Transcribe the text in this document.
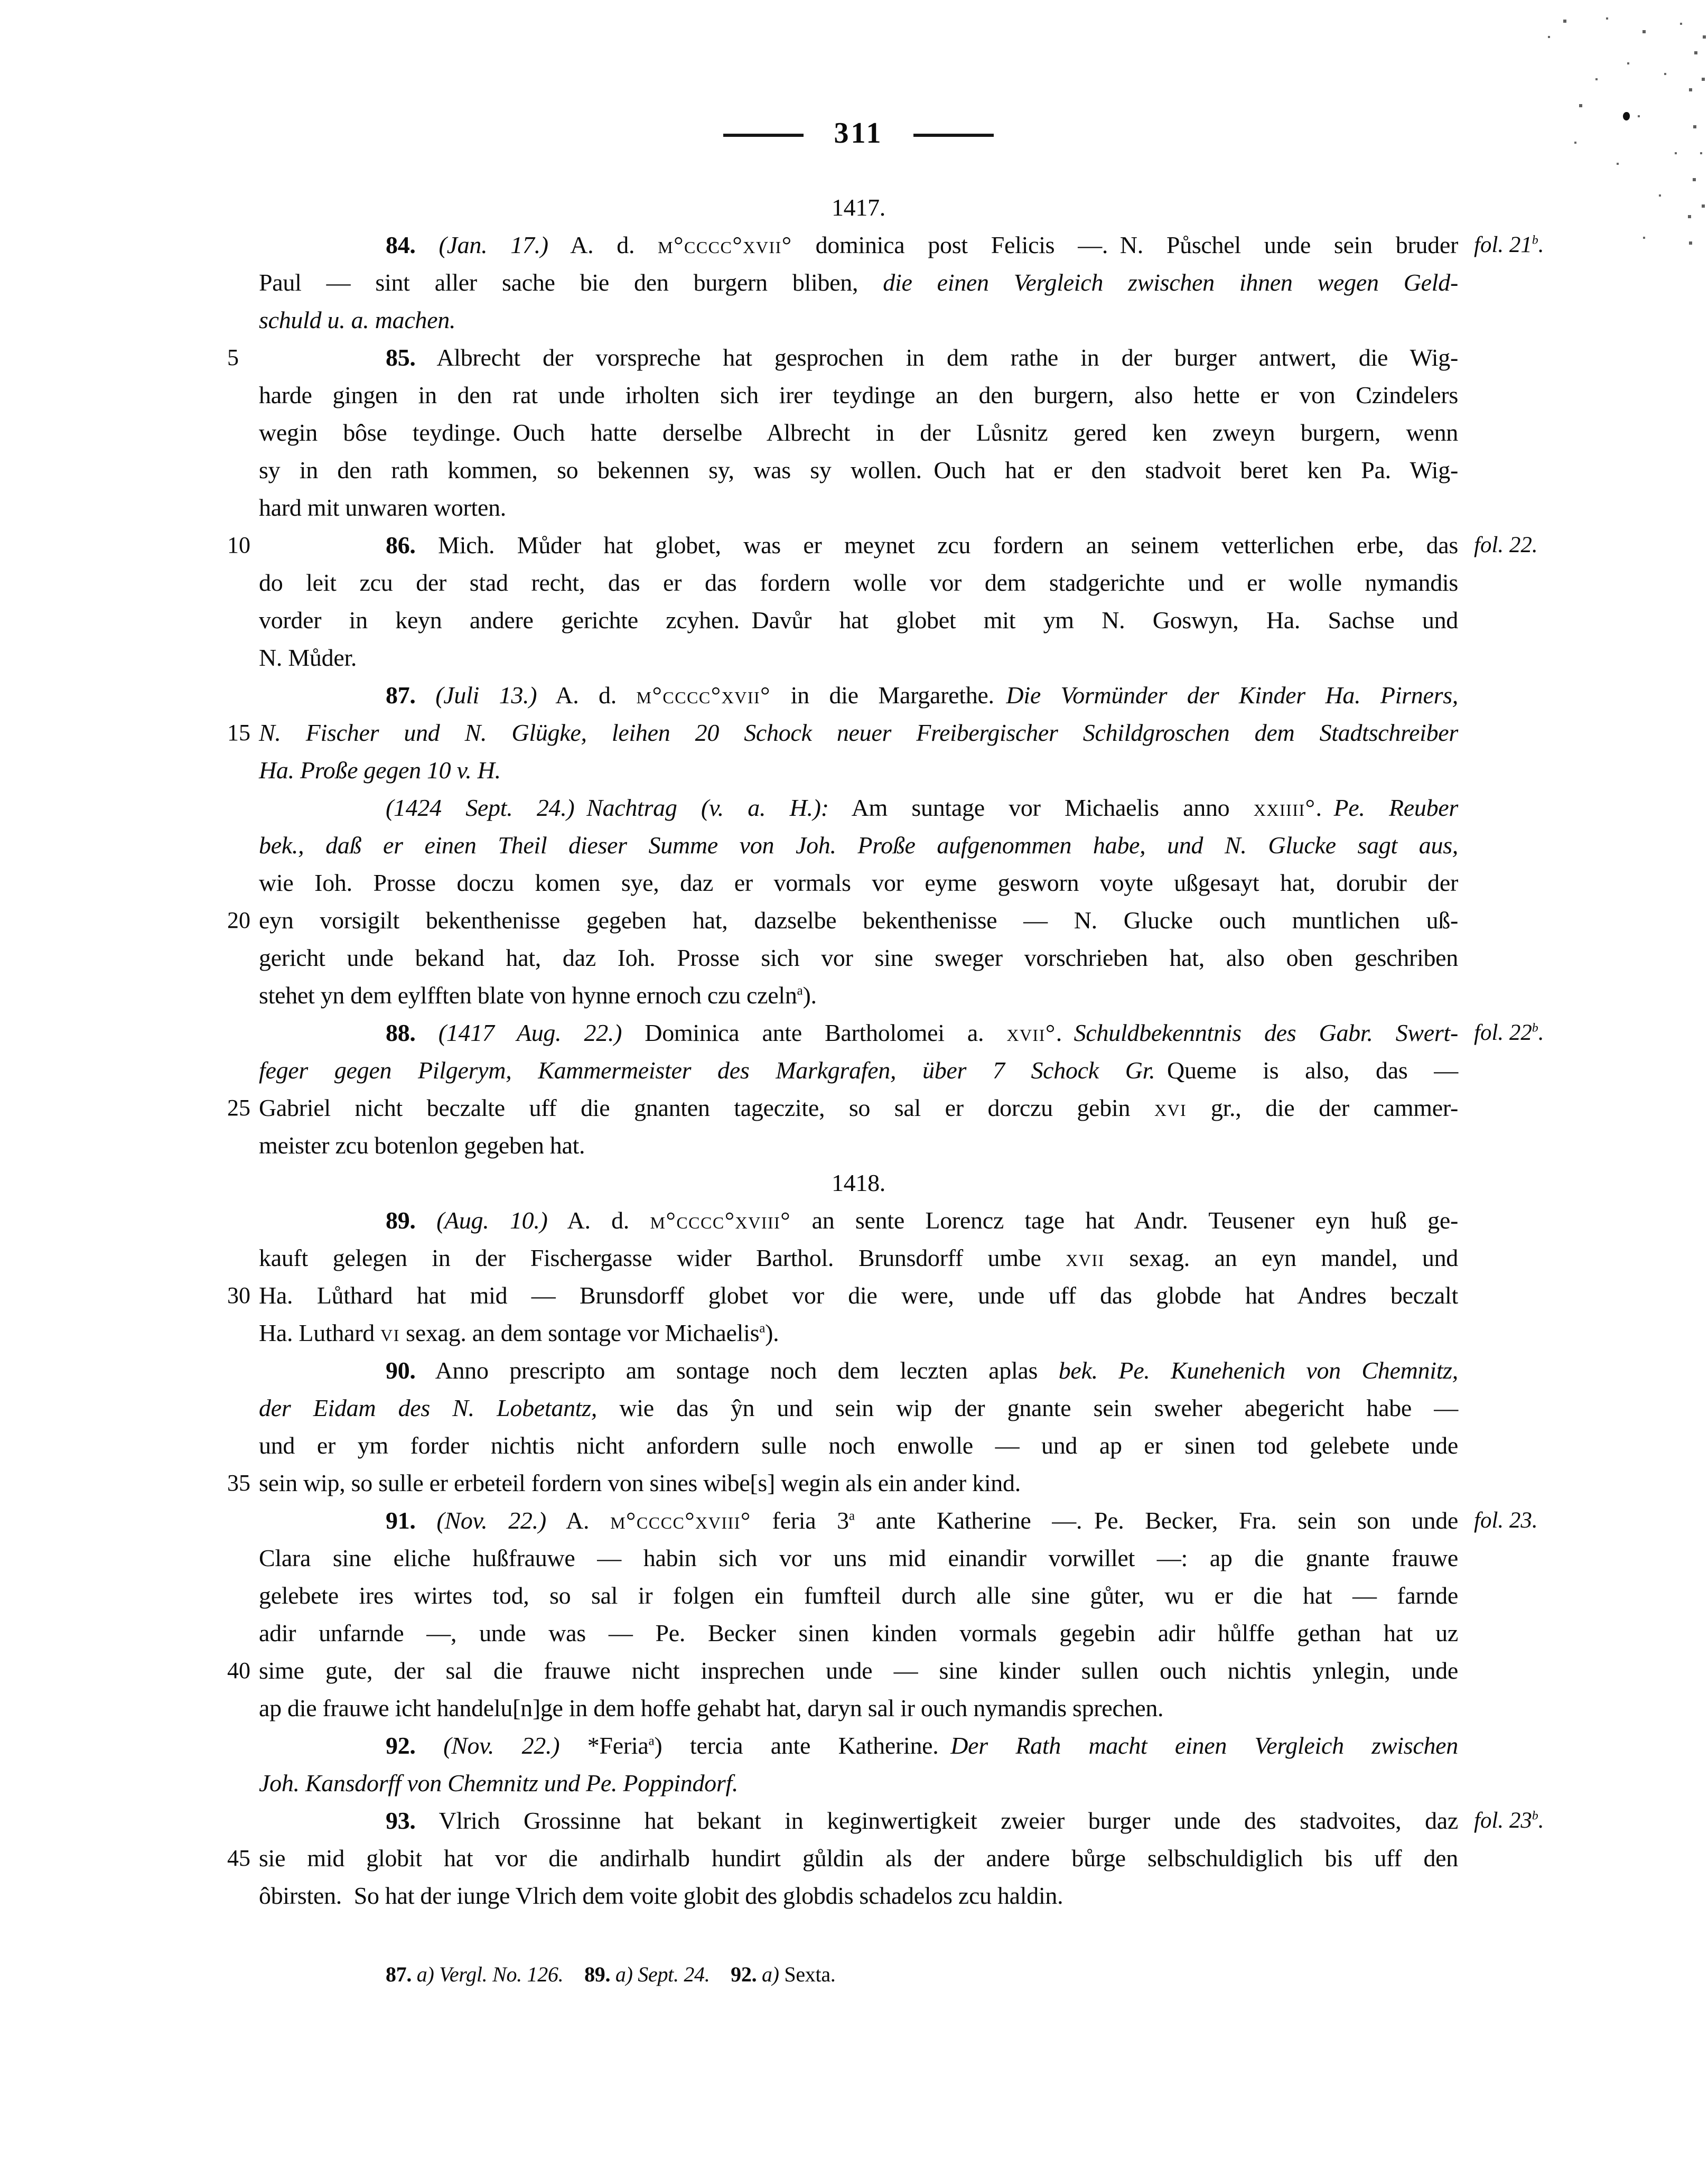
311
1417.
84. (Jan. 17.) A. d. m°cccc°xvii° dominica post Felicis —. N. Půschel unde sein bruder fol. 21$^b$.
Paul — sint aller sache bie den burgern bliben, die einen Vergleich zwischen ihnen wegen Geld-
schuld u. a. machen.
85. Albrecht der vorspreche hat gesprochen in dem rathe in der burger antwert, die Wig-
5
harde gingen in den rat unde irholten sich irer teydinge an den burgern, also hette er von Czindelers
wegin bôse teydinge. Ouch hatte derselbe Albrecht in der Lůsnitz gered ken zweyn burgern, wenn
sy in den rath kommen, so bekennen sy, was sy wollen. Ouch hat er den stadvoit beret ken Pa. Wig-
hard mit unwaren worten.
86. Mich. Můder hat globet, was er meynet zcu fordern an seinem vetterlichen erbe, das
10	fol. 22.
do leit zcu der stad recht, das er das fordern wolle vor dem stadgerichte und er wolle nymandis
vorder in keyn andere gerichte zcyhen. Davůr hat globet mit ym N. Goswyn, Ha. Sachse und
N. Můder.
87. (Juli 13.) A. d. m°cccc°xvii° in die Margarethe. Die Vormünder der Kinder Ha. Pirners,
N. Fischer und N. Glügke, leihen 20 Schock neuer Freibergischer Schildgroschen dem Stadtschreiber
15
Ha. Proße gegen 10 v. H.
(1424 Sept. 24.) Nachtrag (v. a. H.): Am suntage vor Michaelis anno xxiiii°. Pe. Reuber
bek., daß er einen Theil dieser Summe von Joh. Proße aufgenommen habe, und N. Glucke sagt aus,
wie Ioh. Prosse doczu komen sye, daz er vormals vor eyme gesworn voyte ußgesayt hat, dorubir der
eyn vorsigilt bekenthenisse gegeben hat, dazselbe bekenthenisse — N. Glucke ouch muntlichen uß-
20
gericht unde bekand hat, daz Ioh. Prosse sich vor sine sweger vorschrieben hat, also oben geschriben
stehet yn dem eylfften blate von hynne ernoch czu czeln$^a$).
88. (1417 Aug. 22.) Dominica ante Bartholomei a. xvii°. Schuldbekenntnis des Gabr. Swert- fol. 22$^b$.
feger gegen Pilgerym, Kammermeister des Markgrafen, über 7 Schock Gr. Queme is also, das —
Gabriel nicht beczalte uff die gnanten tageczite, so sal er dorczu gebin xvi gr., die der cammer-
25
meister zcu botenlon gegeben hat.
1418.
89. (Aug. 10.) A. d. m°cccc°xviii° an sente Lorencz tage hat Andr. Teusener eyn huß ge-
kauft gelegen in der Fischergasse wider Barthol. Brunsdorff umbe xvii sexag. an eyn mandel, und
Ha. Lůthard hat mid — Brunsdorff globet vor die were, unde uff das globde hat Andres beczalt
30
Ha. Luthard vi sexag. an dem sontage vor Michaelis$^a$).
90. Anno prescripto am sontage noch dem leczten aplas bek. Pe. Kunehenich von Chemnitz,
der Eidam des N. Lobetantz, wie das ŷn und sein wip der gnante sein sweher abegericht habe —
und er ym forder nichtis nicht anfordern sulle noch enwolle — und ap er sinen tod gelebete unde
sein wip, so sulle er erbeteil fordern von sines wibe[s] wegin als ein ander kind.
35
91. (Nov. 22.) A. m°cccc°xviii° feria 3$^a$ ante Katherine —. Pe. Becker, Fra. sein son unde fol. 23.
Clara sine eliche hußfrauwe — habin sich vor uns mid einandir vorwillet —: ap die gnante frauwe
gelebete ires wirtes tod, so sal ir folgen ein fumfteil durch alle sine gůter, wu er die hat — farnde
adir unfarnde —, unde was — Pe. Becker sinen kinden vormals gegebin adir hůlffe gethan hat uz
sime gute, der sal die frauwe nicht insprechen unde — sine kinder sullen ouch nichtis ynlegin, unde
40
ap die frauwe icht handelu[n]ge in dem hoffe gehabt hat, daryn sal ir ouch nymandis sprechen.
92. (Nov. 22.) *Feria$^a$) tercia ante Katherine. Der Rath macht einen Vergleich zwischen
Joh. Kansdorff von Chemnitz und Pe. Poppindorf.
93. Vlrich Grossinne hat bekant in keginwertigkeit zweier burger unde des stadvoites, daz fol. 23$^b$.
sie mid globit hat vor die andirhalb hundirt gůldin als der andere bůrge selbschuldiglich bis uff den
45
ôbirsten. So hat der iunge Vlrich dem voite globit des globdis schadelos zcu haldin.
87. a) Vergl. No. 126.  89. a) Sept. 24.  92. a) Sexta.
